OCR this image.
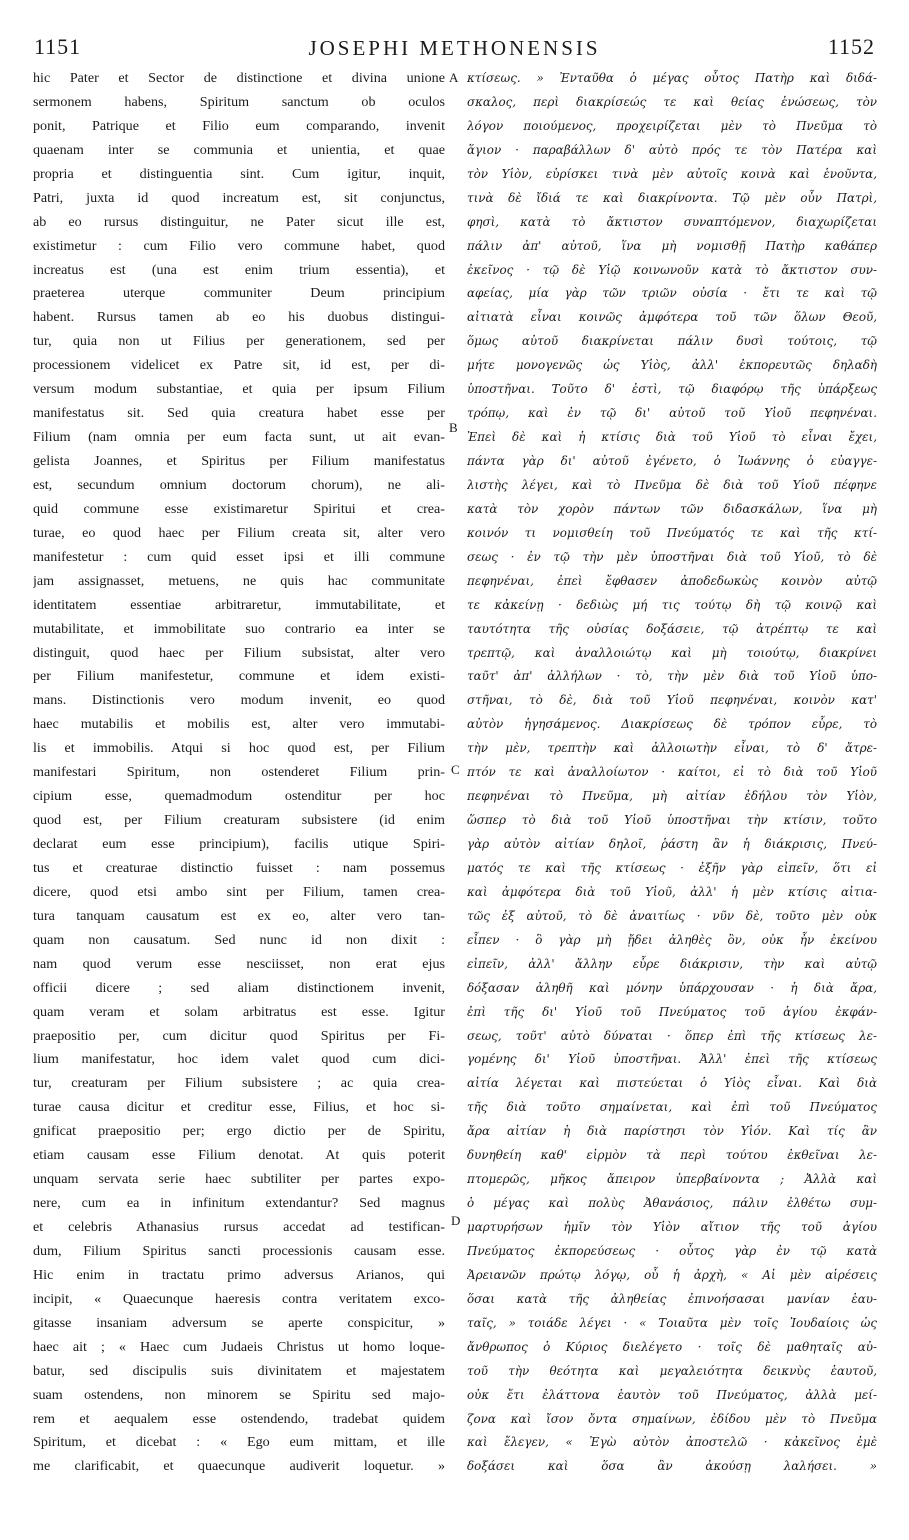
1151	JOSEPHI METHONENSIS	1152
hic Pater et Sector de distinctione et divina unione
sermonem habens, Spiritum sanctum ob oculos
ponit, Patrique et Filio eum comparando, invenit
quaenam inter se communia et unientia, et quae
propria et distinguentia sint. Cum igitur, inquit,
Patri, juxta id quod increatum est, sit conjunctus,
ab eo rursus distinguitur, ne Pater sicut ille est,
existimetur : cum Filio vero commune habet, quod
increatus est (una est enim trium essentia), et
praeterea uterque communiter Deum principium
habent. Rursus tamen ab eo his duobus distingui-
tur, quia non ut Filius per generationem, sed per
processionem videlicet ex Patre sit, id est, per di-
versum modum substantiae, et quia per ipsum Filium
manifestatus sit. Sed quia creatura habet esse per
Filium (nam omnia per eum facta sunt, ut ait evan-
gelista Joannes, et Spiritus per Filium manifestatus
est, secundum omnium doctorum chorum), ne ali-
quid commune esse existimaretur Spiritui et crea-
turae, eo quod haec per Filium creata sit, alter vero
manifestetur : cum quid esset ipsi et illi commune
jam assignasset, metuens, ne quis hac communitate
identitatem essentiae arbitraretur, immutabilitate, et
mutabilitate, et immobilitate suo contrario ea inter se
distinguit, quod haec per Filium subsistat, alter vero
per Filium manifestetur, commune et idem existi-
mans. Distinctionis vero modum invenit, eo quod
haec mutabilis et mobilis est, alter vero immutabi-
lis et immobilis. Atqui si hoc quod est, per Filium
manifestari Spiritum, non ostenderet Filium prin-
cipium esse, quemadmodum ostenditur per hoc
quod est, per Filium creaturam subsistere (id enim
declarat eum esse principium), facilis utique Spiri-
tus et creaturae distinctio fuisset : nam possemus
dicere, quod etsi ambo sint per Filium, tamen crea-
tura tanquam causatum est ex eo, alter vero tan-
quam non causatum. Sed nunc id non dixit :
nam quod verum esse nesciisset, non erat ejus
officii dicere ; sed aliam distinctionem invenit,
quam veram et solam arbitratus est esse. Igitur
praepositio per, cum dicitur quod Spiritus per Fi-
lium manifestatur, hoc idem valet quod cum dici-
tur, creaturam per Filium subsistere ; ac quia crea-
turae causa dicitur et creditur esse, Filius, et hoc si-
gnificat praepositio per; ergo dictio per de Spiritu,
etiam causam esse Filium denotat. At quis poterit
unquam servata serie haec subtiliter per partes expo-
nere, cum ea in infinitum extendantur? Sed magnus
et celebris Athanasius rursus accedat ad testifican-
dum, Filium Spiritus sancti processionis causam esse.
Hic enim in tractatu primo adversus Arianos, qui
incipit, « Quaecunque haeresis contra veritatem exco-
gitasse insaniam adversum se aperte conspicitur, »
haec ait ; « Haec cum Judaeis Christus ut homo loque-
batur, sed discipulis suis divinitatem et majestatem
suam ostendens, non minorem se Spiritu sed majo-
rem et aequalem esse ostendendo, tradebat quidem
Spiritum, et dicebat : « Ego eum mittam, et ille
me clarificabit, et quaecunque audiverit loquetur. »
A
B
C
D
κτίσεως. » Ἐνταῦθα ὁ μέγας οὗτος Πατὴρ καὶ διδά-
σκαλος, περὶ διακρίσεώς τε καὶ θείας ἑνώσεως, τὸν
λόγον ποιούμενος, προχειρίζεται μὲν τὸ Πνεῦμα τὸ
ἅγιον · παραβάλλων δ' αὐτὸ πρός τε τὸν Πατέρα καὶ
τὸν Υἱὸν, εὑρίσκει τινὰ μὲν αὐτοῖς κοινὰ καὶ ἑνοῦντα,
τινὰ δὲ ἴδιά τε καὶ διακρίνοντα. Τῷ μὲν οὖν Πατρὶ,
φησὶ, κατὰ τὸ ἄκτιστον συναπτόμενον, διαχωρίζεται
πάλιν ἀπ' αὐτοῦ, ἵνα μὴ νομισθῇ Πατὴρ καθάπερ
ἐκεῖνος · τῷ δὲ Υἱῷ κοινωνοῦν κατὰ τὸ ἄκτιστον συν-
αφείας, μία γὰρ τῶν τριῶν οὐσία · ἔτι τε καὶ τῷ
αἰτιατὰ εἶναι κοινῶς ἀμφότερα τοῦ τῶν ὅλων Θεοῦ,
ὅμως αὐτοῦ διακρίνεται πάλιν δυσὶ τούτοις, τῷ
μήτε μονογενῶς ὡς Υἱὸς, ἀλλ' ἐκπορευτῶς δηλαδὴ
ὑποστῆναι. Τοῦτο δ' ἐστὶ, τῷ διαφόρῳ τῆς ὑπάρξεως
τρόπῳ, καὶ ἐν τῷ δι' αὐτοῦ τοῦ Υἱοῦ πεφηνέναι.
Ἐπεὶ δὲ καὶ ἡ κτίσις διὰ τοῦ Υἱοῦ τὸ εἶναι ἔχει,
πάντα γὰρ δι' αὐτοῦ ἐγένετο, ὁ Ἰωάννης ὁ εὐαγγε-
λιστὴς λέγει, καὶ τὸ Πνεῦμα δὲ διὰ τοῦ Υἱοῦ πέφηνε
κατὰ τὸν χορὸν πάντων τῶν διδασκάλων, ἵνα μὴ
κοινόν τι νομισθείη τοῦ Πνεύματός τε καὶ τῆς κτί-
σεως · ἐν τῷ τὴν μὲν ὑποστῆναι διὰ τοῦ Υἱοῦ, τὸ δὲ
πεφηνέναι, ἐπεὶ ἔφθασεν ἀποδεδωκὼς κοινὸν αὐτῷ
τε κἀκείνῃ · δεδιὼς μή τις τούτῳ δὴ τῷ κοινῷ καὶ
ταυτότητα τῆς οὐσίας δοξάσειε, τῷ ἀτρέπτῳ τε καὶ
τρεπτῷ, καὶ ἀναλλοιώτῳ καὶ μὴ τοιούτῳ, διακρίνει
ταῦτ' ἀπ' ἀλλήλων · τὸ, τὴν μὲν διὰ τοῦ Υἱοῦ ὑπο-
στῆναι, τὸ δὲ, διὰ τοῦ Υἱοῦ πεφηνέναι, κοινὸν κατ'
αὐτὸν ἡγησάμενος. Διακρίσεως δὲ τρόπον εὗρε, τὸ
τὴν μὲν, τρεπτὴν καὶ ἀλλοιωτὴν εἶναι, τὸ δ' ἄτρε-
πτόν τε καὶ ἀναλλοίωτον · καίτοι, εἰ τὸ διὰ τοῦ Υἱοῦ
πεφηνέναι τὸ Πνεῦμα, μὴ αἰτίαν ἐδήλου τὸν Υἱὸν,
ὥσπερ τὸ διὰ τοῦ Υἱοῦ ὑποστῆναι τὴν κτίσιν, τοῦτο
γὰρ αὐτὸν αἰτίαν δηλοῖ, ῥάστη ἂν ἡ διάκρισις, Πνεύ-
ματός τε καὶ τῆς κτίσεως · ἐξῆν γὰρ εἰπεῖν, ὅτι εἰ
καὶ ἀμφότερα διὰ τοῦ Υἱοῦ, ἀλλ' ἡ μὲν κτίσις αἰτια-
τῶς ἐξ αὐτοῦ, τὸ δὲ ἀναιτίως · νῦν δὲ, τοῦτο μὲν οὐκ
εἶπεν · ὃ γὰρ μὴ ᾔδει ἀληθὲς ὂν, οὐκ ἦν ἐκείνου
εἰπεῖν, ἀλλ' ἄλλην εὗρε διάκρισιν, τὴν καὶ αὐτῷ
δόξασαν ἀληθῆ καὶ μόνην ὑπάρχουσαν · ἡ διὰ ἄρα,
ἐπὶ τῆς δι' Υἱοῦ τοῦ Πνεύματος τοῦ ἁγίου ἐκφάν-
σεως, τοῦτ' αὐτὸ δύναται · ὅπερ ἐπὶ τῆς κτίσεως λε-
γομένης δι' Υἱοῦ ὑποστῆναι. Ἀλλ' ἐπεὶ τῆς κτίσεως
αἰτία λέγεται καὶ πιστεύεται ὁ Υἱὸς εἶναι. Καὶ διὰ
τῆς διὰ τοῦτο σημαίνεται, καὶ ἐπὶ τοῦ Πνεύματος
ἄρα αἰτίαν ἡ διὰ παρίστησι τὸν Υἱόν. Καὶ τίς ἂν
δυνηθείη καθ' εἱρμὸν τὰ περὶ τούτου ἐκθεῖναι λε-
πτομερῶς, μῆκος ἄπειρον ὑπερβαίνοντα ; Ἀλλὰ καὶ
ὁ μέγας καὶ πολὺς Ἀθανάσιος, πάλιν ἐλθέτω συμ-
μαρτυρήσων ἡμῖν τὸν Υἱὸν αἴτιον τῆς τοῦ ἁγίου
Πνεύματος ἐκπορεύσεως · οὗτος γὰρ ἐν τῷ κατὰ
Ἀρειανῶν πρώτῳ λόγῳ, οὗ ἡ ἀρχὴ, « Αἱ μὲν αἱρέσεις
ὅσαι κατὰ τῆς ἀληθείας ἐπινοήσασαι μανίαν ἑαυ-
ταῖς, » τοιάδε λέγει · « Τοιαῦτα μὲν τοῖς Ἰουδαίοις ὡς
ἄνθρωπος ὁ Κύριος διελέγετο · τοῖς δὲ μαθηταῖς αὐ-
τοῦ τὴν θεότητα καὶ μεγαλειότητα δεικνὺς ἑαυτοῦ,
οὐκ ἔτι ἐλάττονα ἑαυτὸν τοῦ Πνεύματος, ἀλλὰ μεί-
ζονα καὶ ἴσον ὄντα σημαίνων, ἐδίδου μὲν τὸ Πνεῦμα
καὶ ἔλεγεν, « Ἐγὼ αὐτὸν ἀποστελῶ · κἀκεῖνος ἐμὲ
δοξάσει καὶ ὅσα ἂν ἀκούσῃ λαλήσει. »
